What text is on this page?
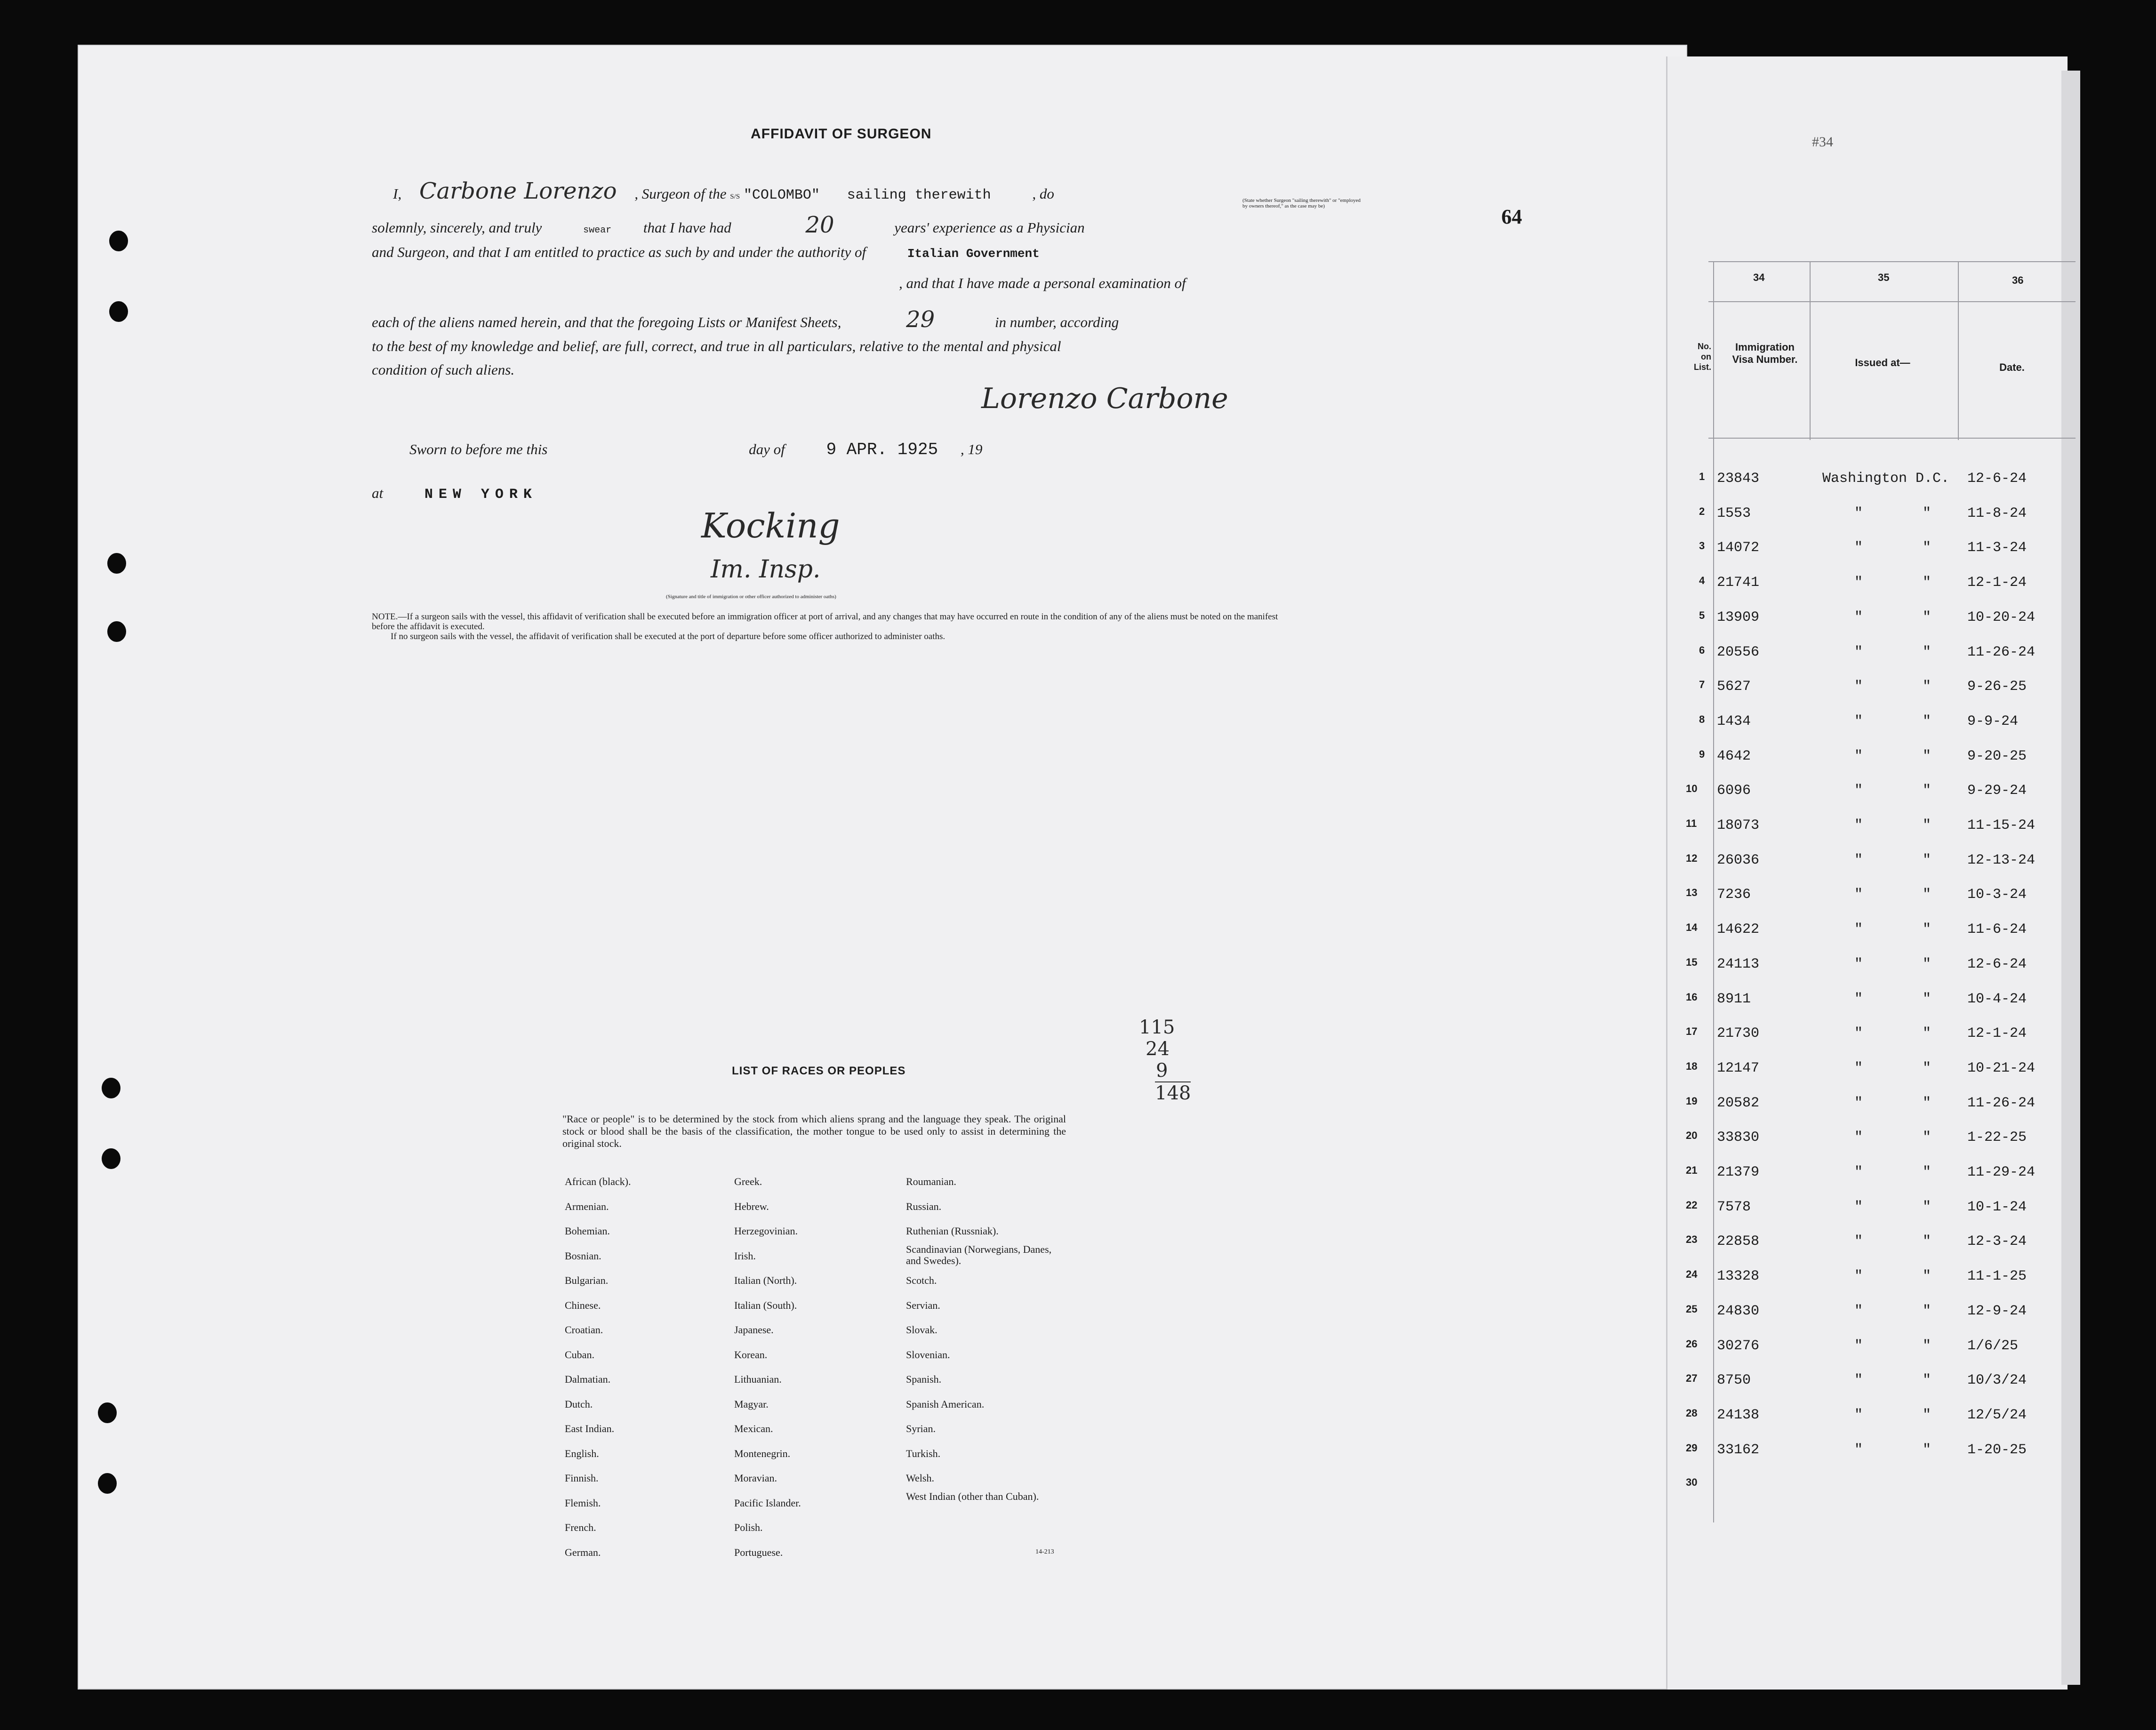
AFFIDAVIT OF SURGEON
I, Carbone Lorenzo , Surgeon of the S/S "COLOMBO" sailing therewith	, do	(State whether Surgeon "sailing therewith" or "employed by owners thereof," as the case may be)
solemnly, sincerely, and truly	swear that I have had	20	years' experience as a Physician
and Surgeon, and that I am entitled to practice as such by and under the authority of	Italian Government
, and that I have made a personal examination of
each of the aliens named herein, and that the foregoing Lists or Manifest Sheets,	29	in number, according
to the best of my knowledge and belief, are full, correct, and true in all particulars, relative to the mental and physical
condition of such aliens.
Lorenzo Carbone
Sworn to before me this	day of 9 APR. 1925 , 19
at	NEW YORK
Kocking
Im. Insp.
(Signature and title of immigration or other officer authorized to administer oaths)
NOTE.—If a surgeon sails with the vessel, this affidavit of verification shall be executed before an immigration officer at port of arrival, and any changes that may have occurred en route in the condition of any of the aliens must be noted on the manifest before the affidavit is executed.
If no surgeon sails with the vessel, the affidavit of verification shall be executed at the port of departure before some officer authorized to administer oaths.
64
#34
115
24
9
148
LIST OF RACES OR PEOPLES
"Race or people" is to be determined by the stock from which aliens sprang and the language they speak. The original stock or blood shall be the basis of the classification, the mother tongue to be used only to assist in determining the original stock.
African (black).
Armenian.
Bohemian.
Bosnian.
Bulgarian.
Chinese.
Croatian.
Cuban.
Dalmatian.
Dutch.
East Indian.
English.
Finnish.
Flemish.
French.
German.
Greek.
Hebrew.
Herzegovinian.
Irish.
Italian (North).
Italian (South).
Japanese.
Korean.
Lithuanian.
Magyar.
Mexican.
Montenegrin.
Moravian.
Pacific Islander.
Polish.
Portuguese.
Roumanian.
Russian.
Ruthenian (Russniak).
Scandinavian (Norwegians, Danes, and Swedes).
Scotch.
Servian.
Slovak.
Slovenian.
Spanish.
Spanish American.
Syrian.
Turkish.
Welsh.
West Indian (other than Cuban).
14-213
34	35	36
No. on List.
Immigration Visa Number.	Issued at—	Date.
1 23843	Washington D.C. 12-6-24
2 1553	"	"	11-8-24
3 14072	"	"	11-3-24
4 21741	"	"	12-1-24
5 13909	"	"	10-20-24
6 20556	"	"	11-26-24
7 5627	"	"	9-26-25
8 1434	"	"	9-9-24
9 4642	"	"	9-20-25
10 6096	"	"	9-29-24
11 18073	"	"	11-15-24
12 26036	"	"	12-13-24
13 7236	"	"	10-3-24
14 14622	"	"	11-6-24
15 24113	"	"	12-6-24
16 8911	"	"	10-4-24
17 21730	"	"	12-1-24
18 12147	"	"	10-21-24
19 20582	"	"	11-26-24
20 33830	"	"	1-22-25
21 21379	"	"	11-29-24
22 7578	"	"	10-1-24
23 22858	"	"	12-3-24
24 13328	"	"	11-1-25
25 24830	"	"	12-9-24
26 30276	"	"	1/6/25
27 8750	"	"	10/3/24
28 24138	"	"	12/5/24
29 33162	"	"	1-20-25
30
